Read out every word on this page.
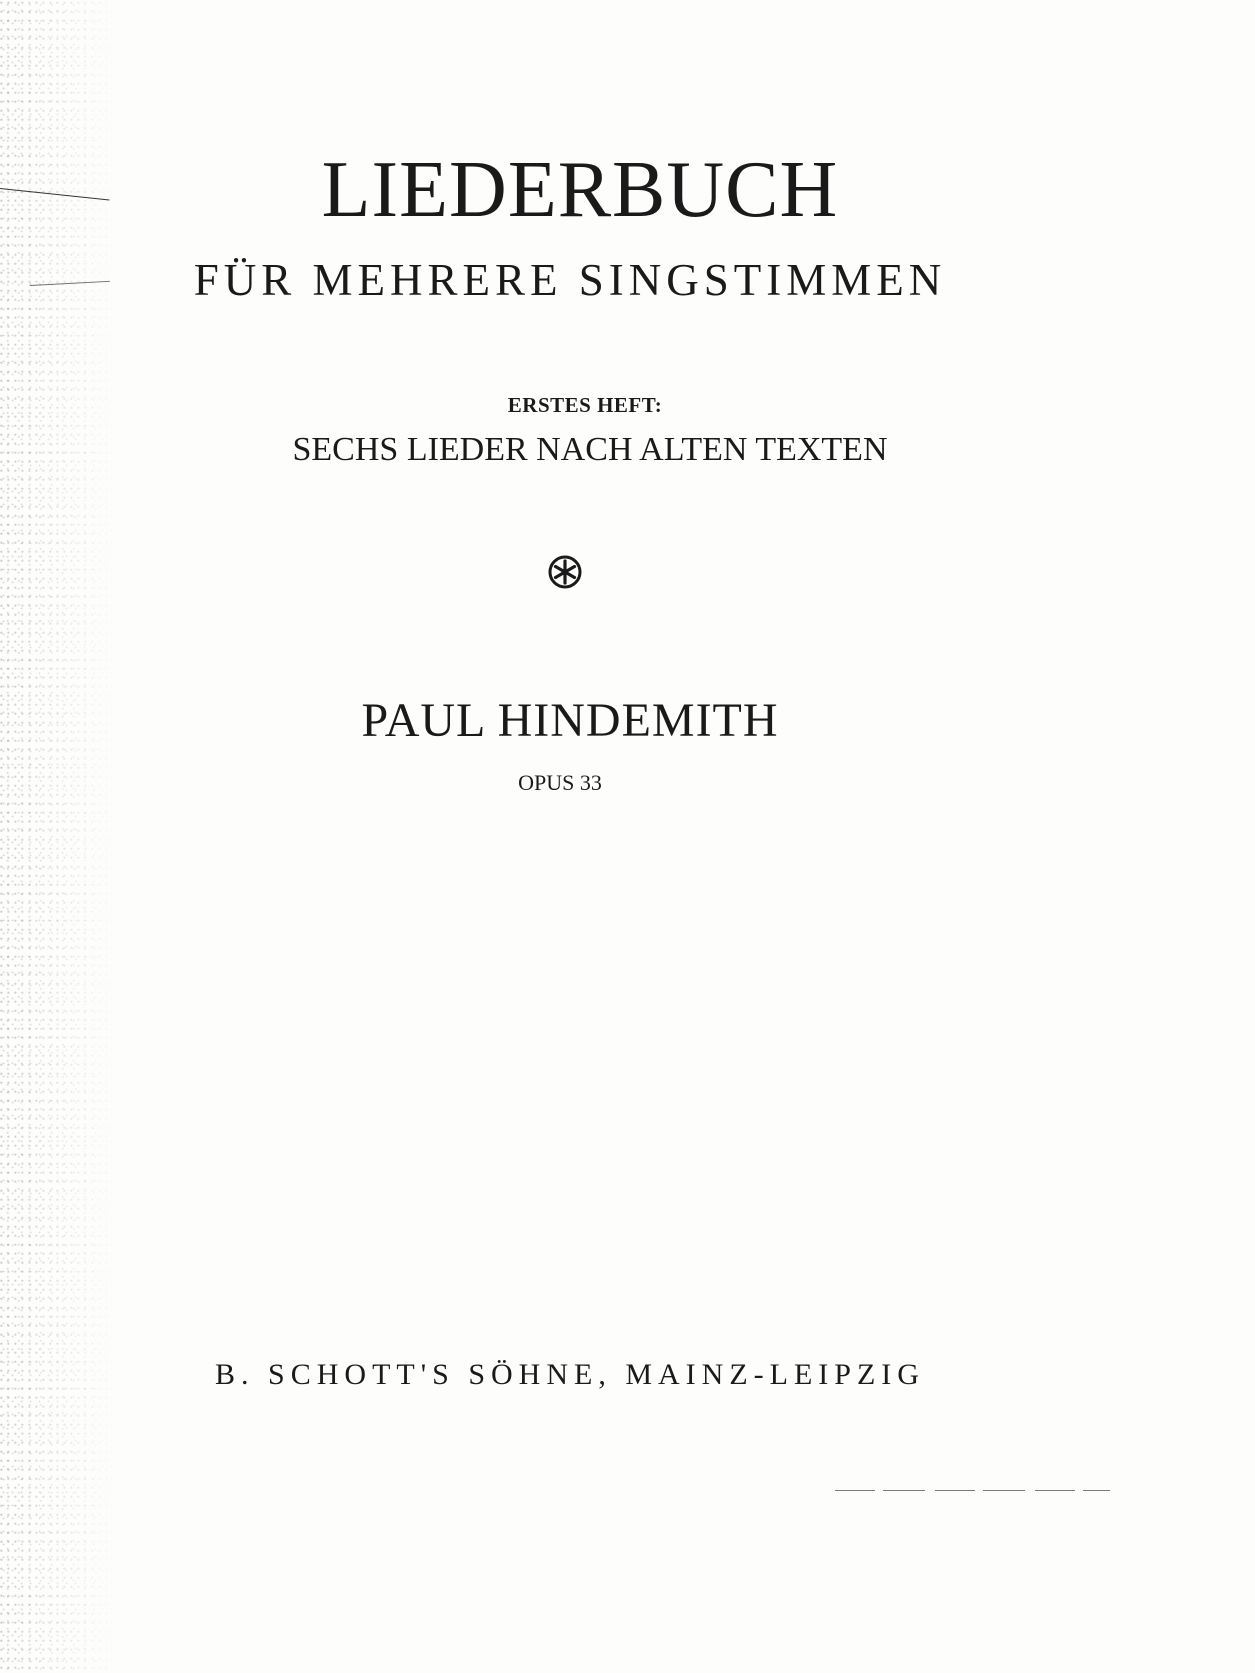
LIEDERBUCH
FÜR MEHRERE SINGSTIMMEN
ERSTES HEFT:
SECHS LIEDER NACH ALTEN TEXTEN
PAUL HINDEMITH
OPUS 33
B. SCHOTT'S SÖHNE, MAINZ-LEIPZIG
